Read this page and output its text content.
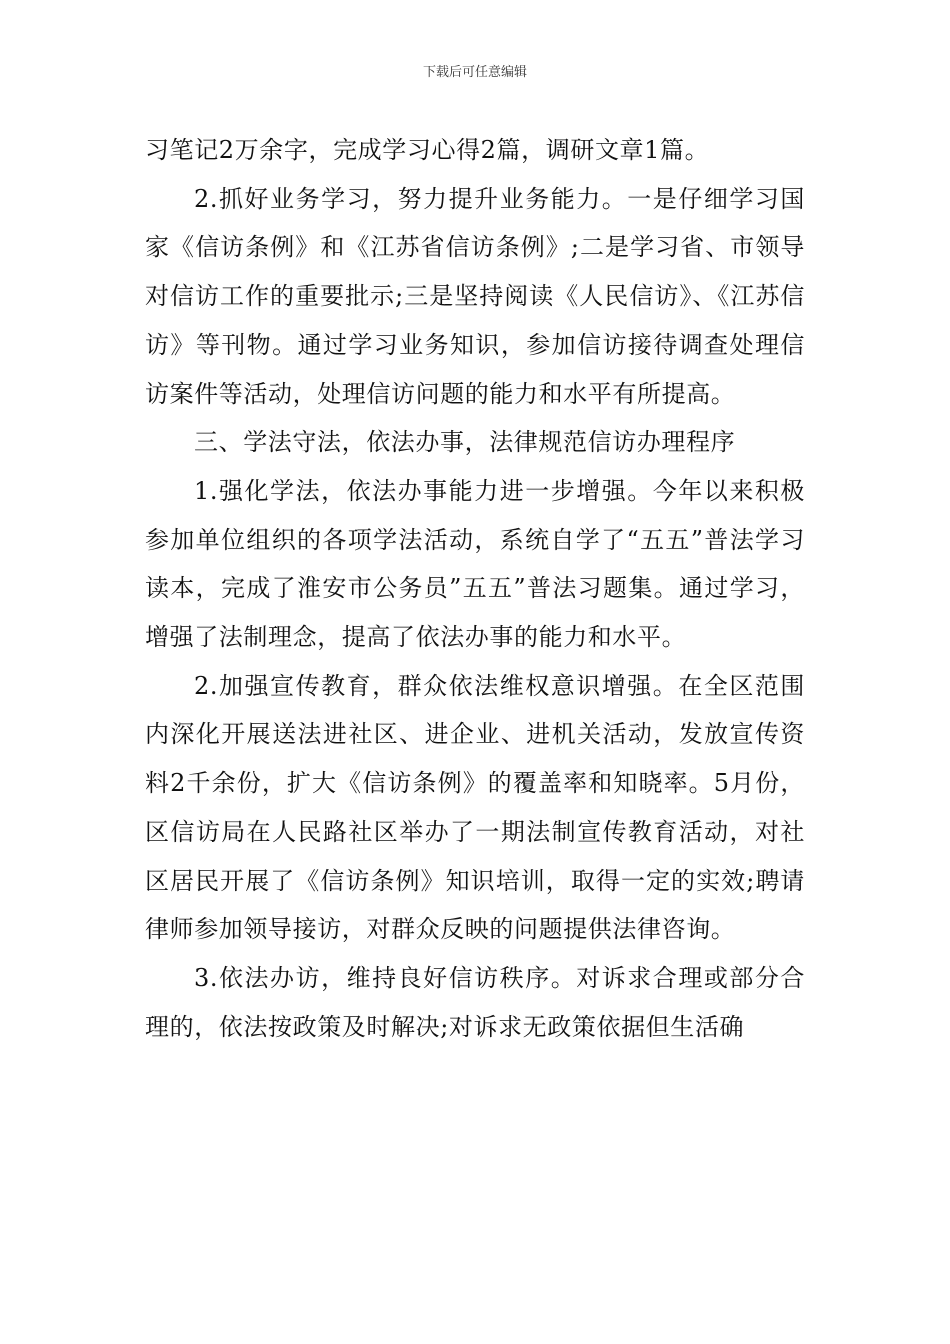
下载后可任意编辑

习笔记2万余字，完成学习心得2篇，调研文章1篇。

2.抓好业务学习，努力提升业务能力。一是仔细学习国家《信访条例》和《江苏省信访条例》;二是学习省、市领导对信访工作的重要批示;三是坚持阅读《人民信访》、《江苏信访》等刊物。通过学习业务知识，参加信访接待调查处理信访案件等活动，处理信访问题的能力和水平有所提高。

三、学法守法，依法办事，法律规范信访办理程序

1.强化学法，依法办事能力进一步增强。今年以来积极参加单位组织的各项学法活动，系统自学了“五五”普法学习读本，完成了淮安市公务员”五五”普法习题集。通过学习，增强了法制理念，提高了依法办事的能力和水平。

2.加强宣传教育，群众依法维权意识增强。在全区范围内深化开展送法进社区、进企业、进机关活动，发放宣传资料2千余份，扩大《信访条例》的覆盖率和知晓率。5月份，区信访局在人民路社区举办了一期法制宣传教育活动，对社区居民开展了《信访条例》知识培训，取得一定的实效;聘请律师参加领导接访，对群众反映的问题提供法律咨询。

3.依法办访，维持良好信访秩序。对诉求合理或部分合理的，依法按政策及时解决;对诉求无政策依据但生活确
